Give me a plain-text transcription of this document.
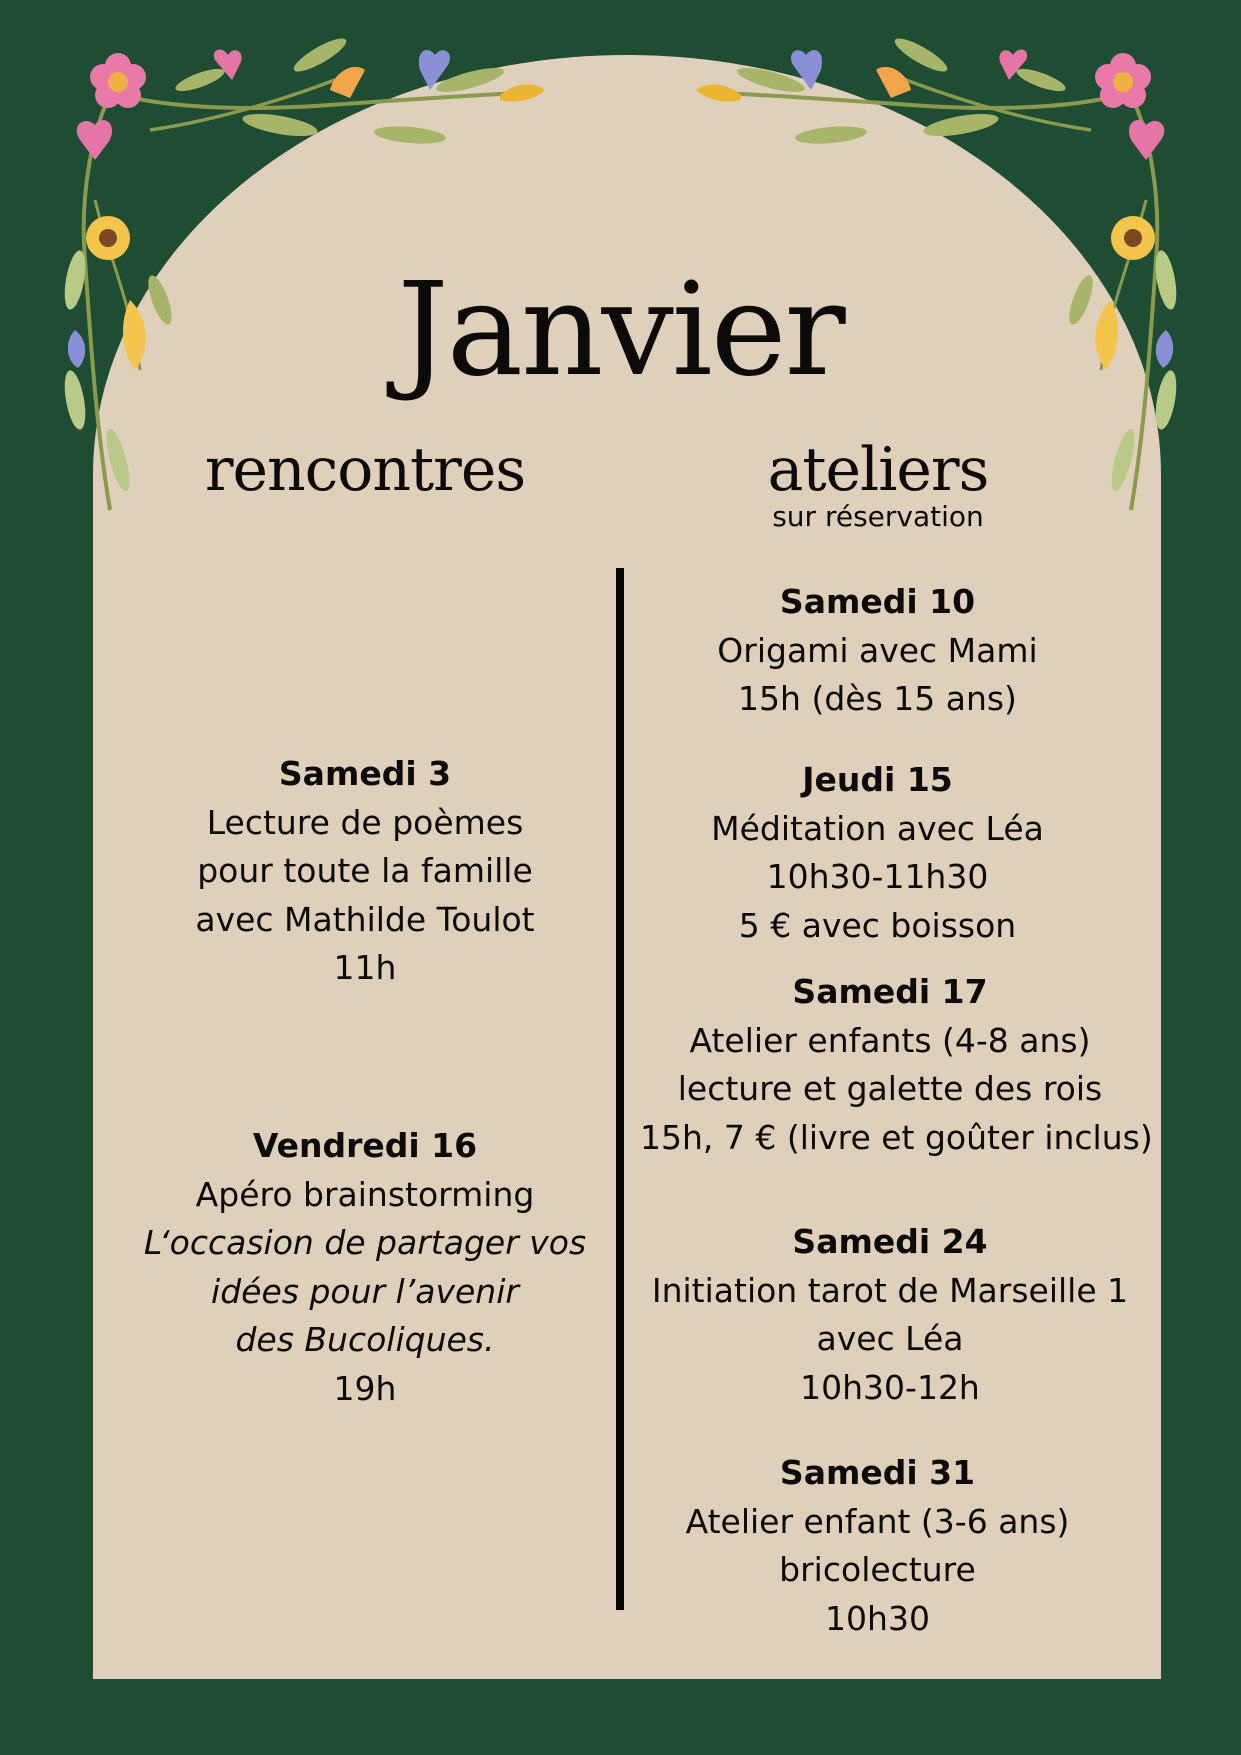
Janvier
rencontres	ateliers
sur réservation
Samedi 3
Lecture de poèmes
pour toute la famille
avec Mathilde Toulot
11h
Vendredi 16
Apéro brainstorming
L‘occasion de partager vos
idées pour l’avenir
des Bucoliques.
19h
Samedi 10
Origami avec Mami
15h (dès 15 ans)
Jeudi 15
Méditation avec Léa
10h30-11h30
5 € avec boisson
Samedi 17
Atelier enfants (4-8 ans)
lecture et galette des rois
15h, 7 € (livre et goûter inclus)
Samedi 24
Initiation tarot de Marseille 1
avec Léa
10h30-12h
Samedi 31
Atelier enfant (3-6 ans)
bricolecture
10h30
